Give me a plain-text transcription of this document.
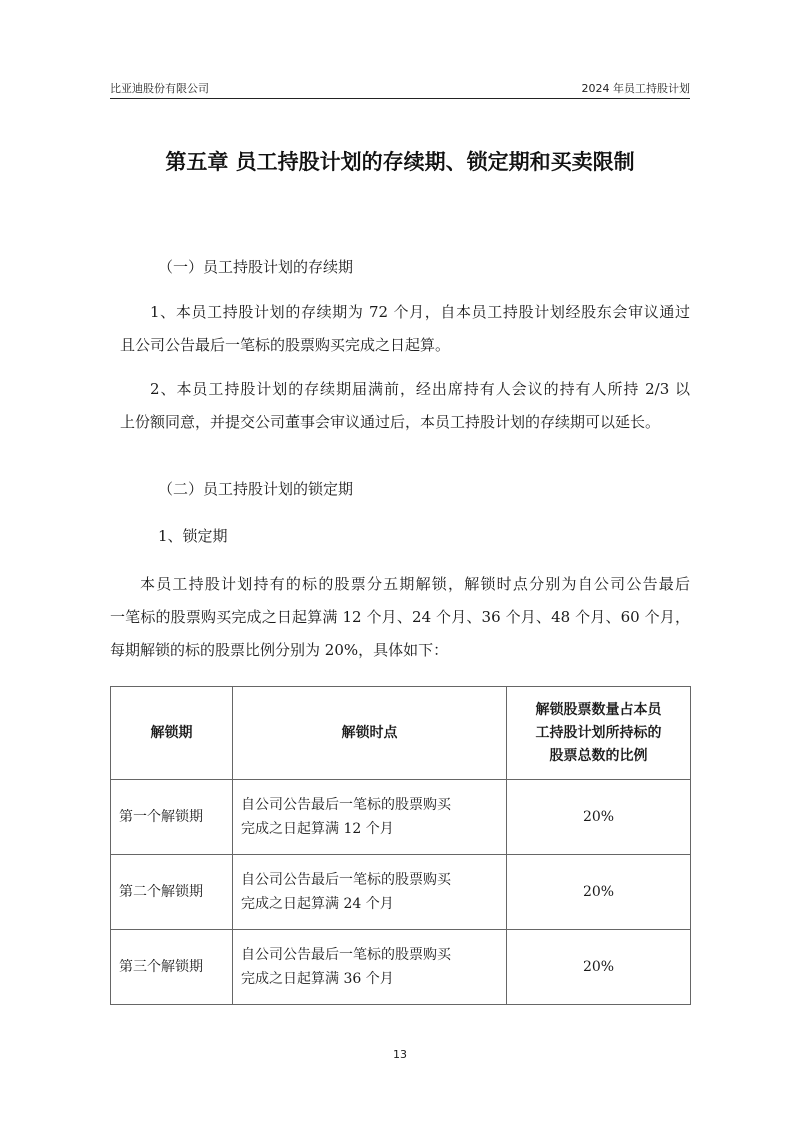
比亚迪股份有限公司	2024 年员工持股计划
第五章 员工持股计划的存续期、锁定期和买卖限制
（一）员工持股计划的存续期
1、本员工持股计划的存续期为 72 个月，自本员工持股计划经股东会审议通过
且公司公告最后一笔标的股票购买完成之日起算。
2、本员工持股计划的存续期届满前，经出席持有人会议的持有人所持 2/3 以
上份额同意，并提交公司董事会审议通过后，本员工持股计划的存续期可以延长。
（二）员工持股计划的锁定期
1、锁定期
本员工持股计划持有的标的股票分五期解锁，解锁时点分别为自公司公告最后
一笔标的股票购买完成之日起算满 12 个月、24 个月、36 个月、48 个月、60 个月，
每期解锁的标的股票比例分别为 20%，具体如下：
解锁期	解锁时点	解锁股票数量占本员
工持股计划所持标的
股票总数的比例

第一个解锁期	自公司公告最后一笔标的股票购买
完成之日起算满 12 个月	20%
第二个解锁期	自公司公告最后一笔标的股票购买
完成之日起算满 24 个月	20%
第三个解锁期	自公司公告最后一笔标的股票购买
完成之日起算满 36 个月	20%
13
